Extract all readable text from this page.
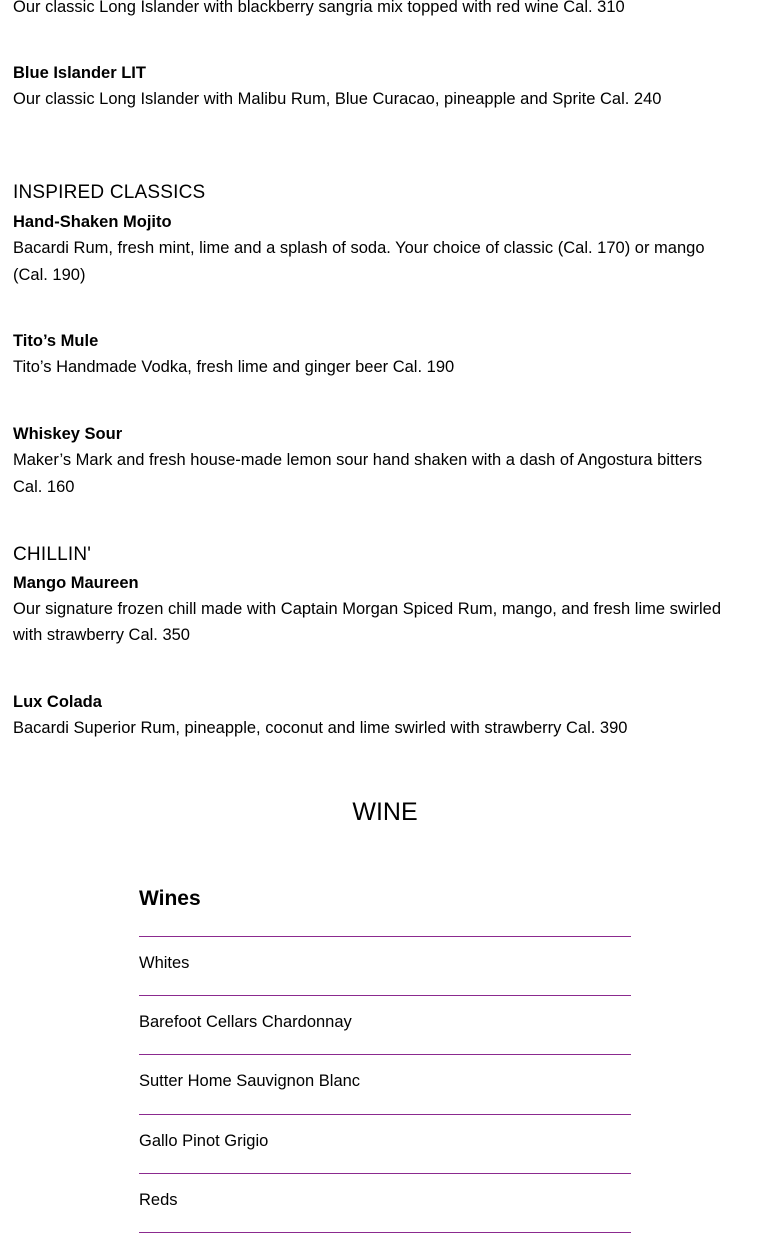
Our classic Long Islander with blackberry sangria mix topped with red wine Cal. 310
Blue Islander LIT
Our classic Long Islander with Malibu Rum, Blue Curacao, pineapple and Sprite Cal. 240
INSPIRED CLASSICS
Hand-Shaken Mojito
Bacardi Rum, fresh mint, lime and a splash of soda. Your choice of classic (Cal. 170) or mango
(Cal. 190)
Tito’s Mule
Tito’s Handmade Vodka, fresh lime and ginger beer Cal. 190
Whiskey Sour
Maker’s Mark and fresh house-made lemon sour hand shaken with a dash of Angostura bitters
Cal. 160
CHILLIN'
Mango Maureen
Our signature frozen chill made with Captain Morgan Spiced Rum, mango, and fresh lime swirled
with strawberry Cal. 350
Lux Colada
Bacardi Superior Rum, pineapple, coconut and lime swirled with strawberry Cal. 390
WINE
Wines
Whites
Barefoot Cellars Chardonnay
Sutter Home Sauvignon Blanc
Gallo Pinot Grigio
Reds
